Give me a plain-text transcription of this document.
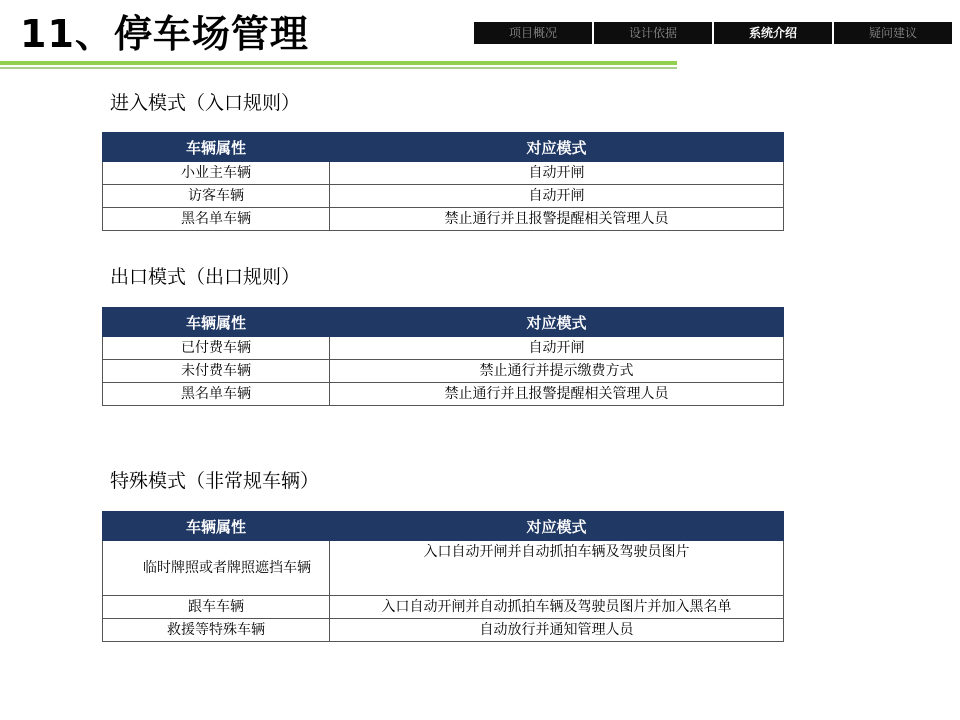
11、停车场管理	项目概况	设计依据	系统介绍	疑问建议
进入模式（入口规则）
车辆属性	对应模式
小业主车辆	自动开闸
访客车辆	自动开闸
黑名单车辆	禁止通行并且报警提醒相关管理人员
出口模式（出口规则）
车辆属性	对应模式
已付费车辆	自动开闸
未付费车辆	禁止通行并提示缴费方式
黑名单车辆	禁止通行并且报警提醒相关管理人员
特殊模式（非常规车辆）
车辆属性	对应模式
临时牌照或者牌照遮挡车辆	入口自动开闸并自动抓拍车辆及驾驶员图片
跟车车辆	入口自动开闸并自动抓拍车辆及驾驶员图片并加入黑名单
救援等特殊车辆	自动放行并通知管理人员
